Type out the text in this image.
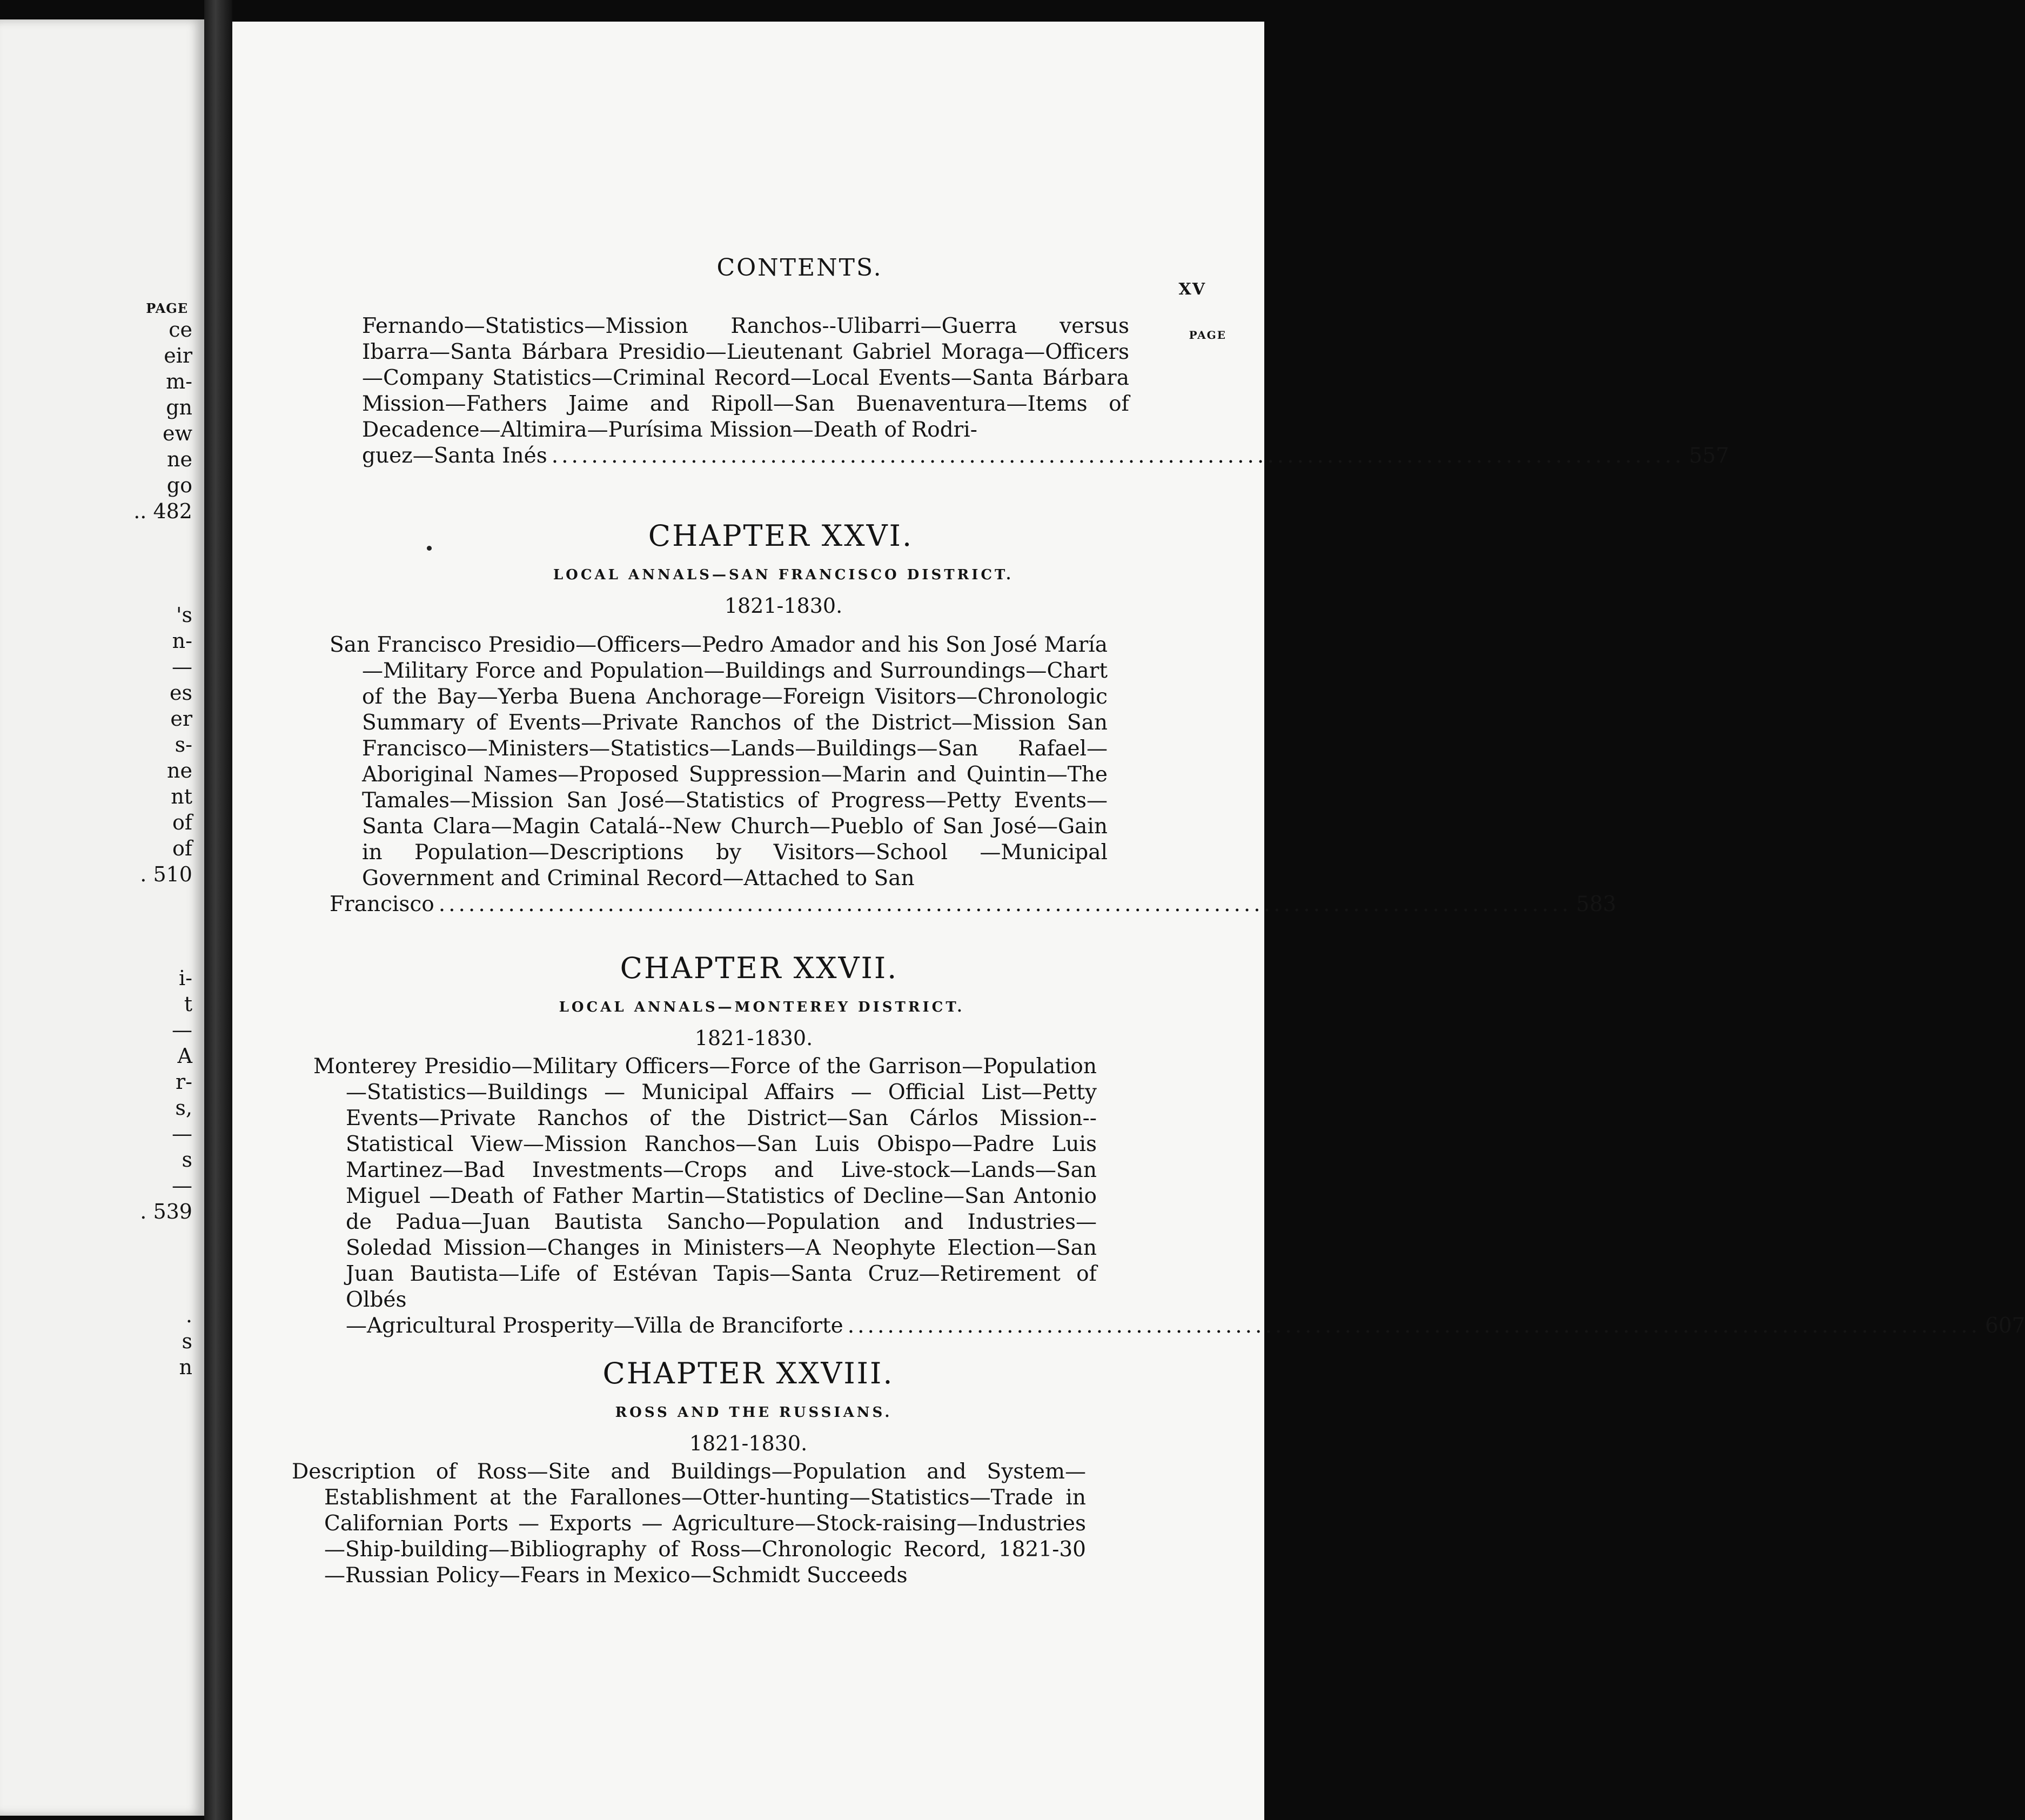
PAGE
ce
eir
m-
gn
ew
ne
go
.. 482
's
n-
—
es
er
s-
ne
nt
of
of
. 510
i-
t
—
A
r-
s,
—
s
—
. 539
.
s
n
CONTENTS.
XV
PAGE
Fernando—Statistics—Mission Ranchos--Ulibarri—Guerra versus Ibarra—Santa Bárbara Presidio—Lieutenant Gabriel Moraga—Officers—Company Statistics—Criminal Record—Local Events—Santa Bárbara Mission—Fathers Jaime and Ripoll—San Buenaventura—Items of Decadence—Altimira—Purísima Mission—Death of Rodri-
guez—Santa Inés .................................................................................................................. 557
CHAPTER XXVI.
LOCAL ANNALS—SAN FRANCISCO DISTRICT.
1821-1830.
San Francisco Presidio—Officers—Pedro Amador and his Son José María —Military Force and Population—Buildings and Surroundings—Chart of the Bay—Yerba Buena Anchorage—Foreign Visitors—Chronologic Summary of Events—Private Ranchos of the District—Mission San Francisco—Ministers—Statistics—Lands—Buildings—San Rafael—Aboriginal Names—Proposed Suppression—Marin and Quintin—The Tamales—Mission San José—Statistics of Progress—Petty Events—Santa Clara—Magin Catalá--New Church—Pueblo of San José—Gain in Population—Descriptions by Visitors—School —Municipal Government and Criminal Record—Attached to San
Francisco .................................................................................................................. 583
CHAPTER XXVII.
LOCAL ANNALS—MONTEREY DISTRICT.
1821-1830.
Monterey Presidio—Military Officers—Force of the Garrison—Population —Statistics—Buildings — Municipal Affairs — Official List—Petty Events—Private Ranchos of the District—San Cárlos Mission--Statistical View—Mission Ranchos—San Luis Obispo—Padre Luis Martinez—Bad Investments—Crops and Live-stock—Lands—San Miguel —Death of Father Martin—Statistics of Decline—San Antonio de Padua—Juan Bautista Sancho—Population and Industries—Soledad Mission—Changes in Ministers—A Neophyte Election—San Juan Bautista—Life of Estévan Tapis—Santa Cruz—Retirement of Olbés
—Agricultural Prosperity—Villa de Branciforte .................................................................................................................. 607
CHAPTER XXVIII.
ROSS AND THE RUSSIANS.
1821-1830.
Description of Ross—Site and Buildings—Population and System—Establishment at the Farallones—Otter-hunting—Statistics—Trade in Californian Ports — Exports — Agriculture—Stock-raising—Industries—Ship-building—Bibliography of Ross—Chronologic Record, 1821-30—Russian Policy—Fears in Mexico—Schmidt Succeeds
